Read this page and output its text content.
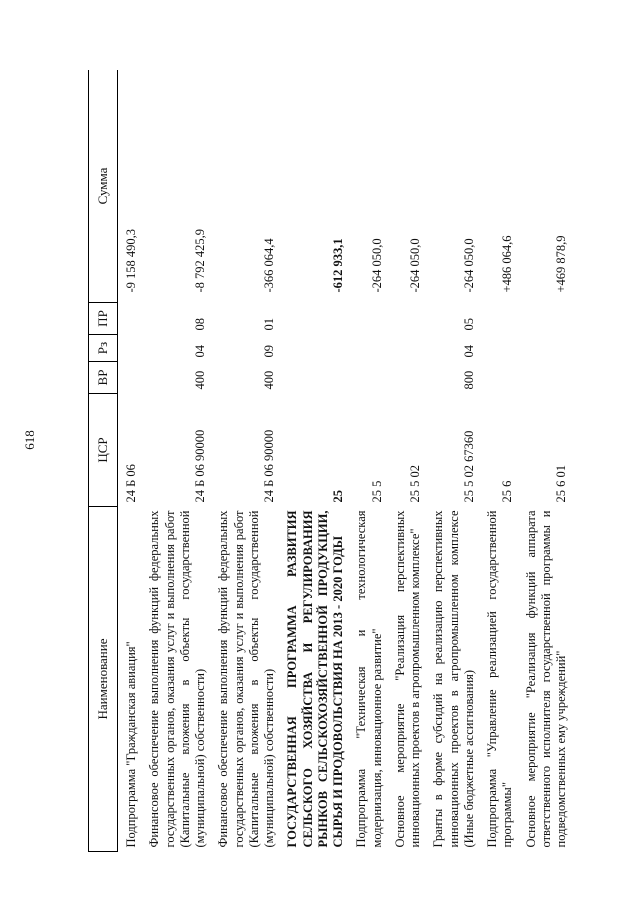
618
Наименование	ЦСР	ВР	Рз	ПР	Сумма
Подпрограмма "Гражданская авиация"	24 Б 06				-9 158 490,3
Финансовое обеспечение выполнения функций федеральных государственных органов, оказания услуг и выполнения работ (Капитальные вложения в объекты государственной (муниципальной) собственности)	24 Б 06 90000	400	04	08	-8 792 425,9
Финансовое обеспечение выполнения функций федеральных государственных органов, оказания услуг и выполнения работ (Капитальные вложения в объекты государственной (муниципальной) собственности)	24 Б 06 90000	400	09	01	-366 064,4
ГОСУДАРСТВЕННАЯ ПРОГРАММА РАЗВИТИЯ СЕЛЬСКОГО ХОЗЯЙСТВА И РЕГУЛИРОВАНИЯ РЫНКОВ СЕЛЬСКОХОЗЯЙСТВЕННОЙ ПРОДУКЦИИ, СЫРЬЯ И ПРОДОВОЛЬСТВИЯ НА 2013 - 2020 ГОДЫ	25				-612 933,1
Подпрограмма "Техническая и технологическая модернизация, инновационное развитие"	25 5				-264 050,0
Основное мероприятие "Реализация перспективных инновационных проектов в агропромышленном комплексе"	25 5 02				-264 050,0
Гранты в форме субсидий на реализацию перспективных инновационных проектов в агропромышленном комплексе (Иные бюджетные ассигнования)	25 5 02 67360	800	04	05	-264 050,0
Подпрограмма "Управление реализацией государственной программы"	25 6				+486 064,6
Основное мероприятие "Реализация функций аппарата ответственного исполнителя государственной программы и подведомственных ему учреждений"	25 6 01				+469 878,9
